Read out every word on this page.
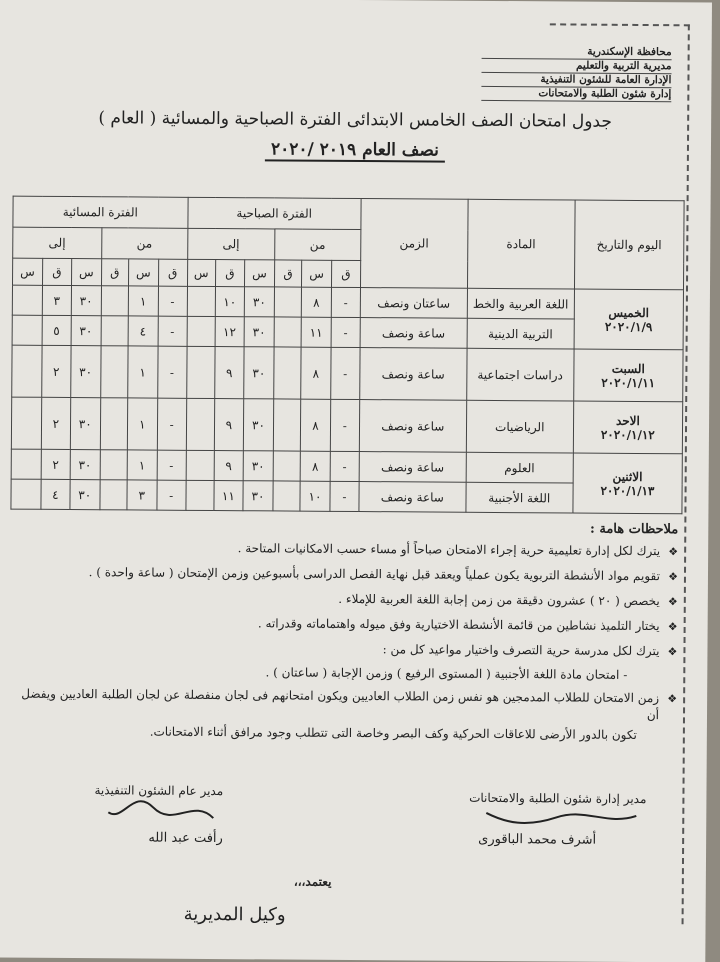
محافظة الإسكندرية
مديرية التربية والتعليم
الإدارة العامة للشئون التنفيذية
إدارة شئون الطلبة والامتحانات
جدول امتحان الصف الخامس الابتدائى الفترة الصباحية والمسائية ( العام )
نصف العام ٢٠١٩ /٢٠٢٠
اليوم والتاريخ	المادة	الزمن	الفترة الصباحية						الفترة المسائية					
			من			إلى			من			إلى		
			ق	س	ق	س	ق	س	ق	س	ق	س	ق	س

الخميس
٢٠٢٠/١/٩	اللغة العربية والخط	ساعتان ونصف	-	٨		٣٠	١٠		-	١		٣٠	٣	
	التربية الدينية	ساعة ونصف	-	١١		٣٠	١٢		-	٤		٣٠	٥	

السبت
٢٠٢٠/١/١١	دراسات اجتماعية	ساعة ونصف	-	٨		٣٠	٩		-	١		٣٠	٢	

الاحد
٢٠٢٠/١/١٢	الرياضيات	ساعة ونصف	-	٨		٣٠	٩		-	١		٣٠	٢	

الاثنين
٢٠٢٠/١/١٣	العلوم	ساعة ونصف	-	٨		٣٠	٩		-	١		٣٠	٢	
	اللغة الأجنبية	ساعة ونصف	-	١٠		٣٠	١١		-	٣		٣٠	٤	
ملاحظات هامة :
❖
يترك لكل إدارة تعليمية حرية إجراء الامتحان صباحاً أو مساء حسب الامكانيات المتاحة .
❖
تقويم مواد الأنشطة التربوية يكون عملياً ويعقد قبل نهاية الفصل الدراسى بأسبوعين وزمن الإمتحان ( ساعة واحدة ) .
❖
يخصص ( ٢٠ ) عشرون دقيقة من زمن إجابة اللغة العربية للإملاء .
❖
يختار التلميذ نشاطين من قائمة الأنشطة الاختيارية وفق ميوله واهتماماته وقدراته .
❖
يترك لكل مدرسة حرية التصرف واختيار مواعيد كل من :
- امتحان مادة اللغة الأجنبية ( المستوى الرفيع ) وزمن الإجابة ( ساعتان ) .
❖
زمن الامتحان للطلاب المدمجين هو نفس زمن الطلاب العاديين ويكون امتحانهم فى لجان منفصلة عن لجان الطلبة العاديين ويفضل أن
تكون بالدور الأرضى للاعاقات الحركية وكف البصر وخاصة التى تتطلب وجود مرافق أثناء الامتحانات.
مدير إدارة شئون الطلبة والامتحانات
أشرف محمد الباقورى
مدير عام الشئون التنفيذية
رأفت عبد الله
يعتمد،،،
وكيل المديرية
